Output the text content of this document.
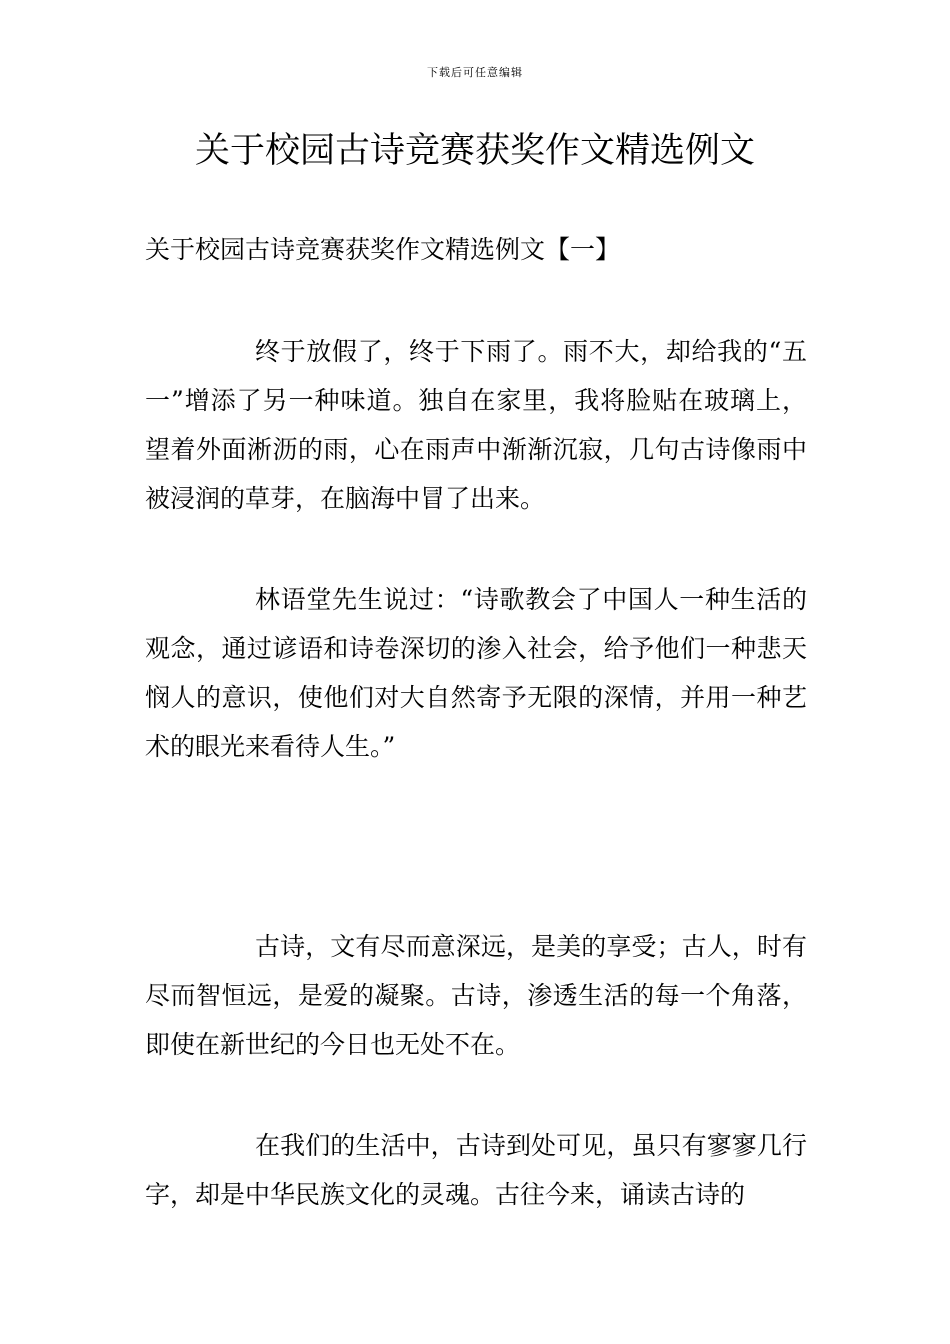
下载后可任意编辑
关于校园古诗竞赛获奖作文精选例文
关于校园古诗竞赛获奖作文精选例文【一】

终于放假了，终于下雨了。雨不大，却给我的“五一”增添了另一种味道。独自在家里，我将脸贴在玻璃上，望着外面淅沥的雨，心在雨声中渐渐沉寂，几句古诗像雨中被浸润的草芽，在脑海中冒了出来。

林语堂先生说过：“诗歌教会了中国人一种生活的观念，通过谚语和诗卷深切的渗入社会，给予他们一种悲天悯人的意识，使他们对大自然寄予无限的深情，并用一种艺术的眼光来看待人生。”

古诗，文有尽而意深远，是美的享受；古人，时有尽而智恒远，是爱的凝聚。古诗，渗透生活的每一个角落，即使在新世纪的今日也无处不在。

在我们的生活中，古诗到处可见，虽只有寥寥几行字，却是中华民族文化的灵魂。古往今来，诵读古诗的
